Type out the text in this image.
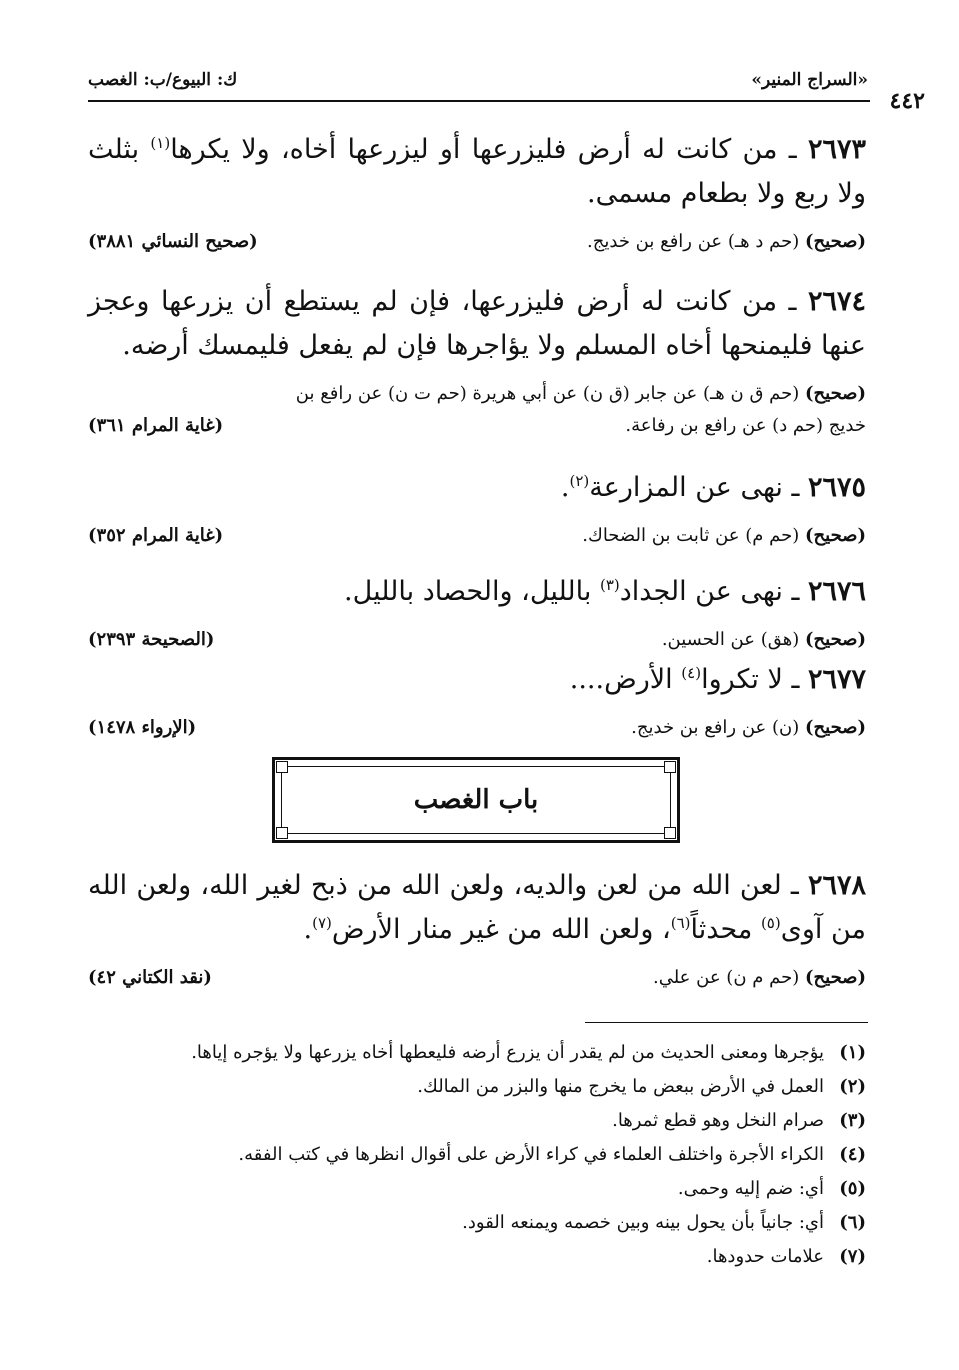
«السراج المنير»
ك: البيوع/ب: الغصب
٤٤٢
٢٦٧٣ ـ من كانت له أرض فليزرعها أو ليزرعها أخاه، ولا يكرها$^{(١)}$ بثلث ولا ربع ولا بطعام مسمى.
(صحيح) (حم د هـ) عن رافع بن خديج.
(صحيح النسائي ٣٨٨١)
٢٦٧٤ ـ من كانت له أرض فليزرعها، فإن لم يستطع أن يزرعها وعجز عنها فليمنحها أخاه المسلم ولا يؤاجرها فإن لم يفعل فليمسك أرضه.
(صحيح) (حم ق ن هـ) عن جابر (ق ن) عن أبي هريرة (حم ت ن) عن رافع بن خديج (حم د) عن رافع بن رفاعة.
(غاية المرام ٣٦١)
٢٦٧٥ ـ نهى عن المزارعة$^{(٢)}$.
(صحيح) (حم م) عن ثابت بن الضحاك.
(غاية المرام ٣٥٢)
٢٦٧٦ ـ نهى عن الجداد$^{(٣)}$ بالليل، والحصاد بالليل.
(صحيح) (هق) عن الحسين.
(الصحيحة ٢٣٩٣)
٢٦٧٧ ـ لا تكروا$^{(٤)}$ الأرض....
(صحيح) (ن) عن رافع بن خديج.
(الإرواء ١٤٧٨)
باب الغصب
٢٦٧٨ ـ لعن الله من لعن والديه، ولعن الله من ذبح لغير الله، ولعن الله من آوى$^{(٥)}$ محدثاً$^{(٦)}$، ولعن الله من غير منار الأرض$^{(٧)}$.
(صحيح) (حم م ن) عن علي.
(نقد الكتاني ٤٢)
(١)يؤجرها ومعنى الحديث من لم يقدر أن يزرع أرضه فليعطها أخاه يزرعها ولا يؤجره إياها.
(٢)العمل في الأرض ببعض ما يخرج منها والبزر من المالك.
(٣)صرام النخل وهو قطع ثمرها.
(٤)الكراء الأجرة واختلف العلماء في كراء الأرض على أقوال انظرها في كتب الفقه.
(٥)أي: ضم إليه وحمى.
(٦)أي: جانياً بأن يحول بينه وبين خصمه ويمنعه القود.
(٧)علامات حدودها.
